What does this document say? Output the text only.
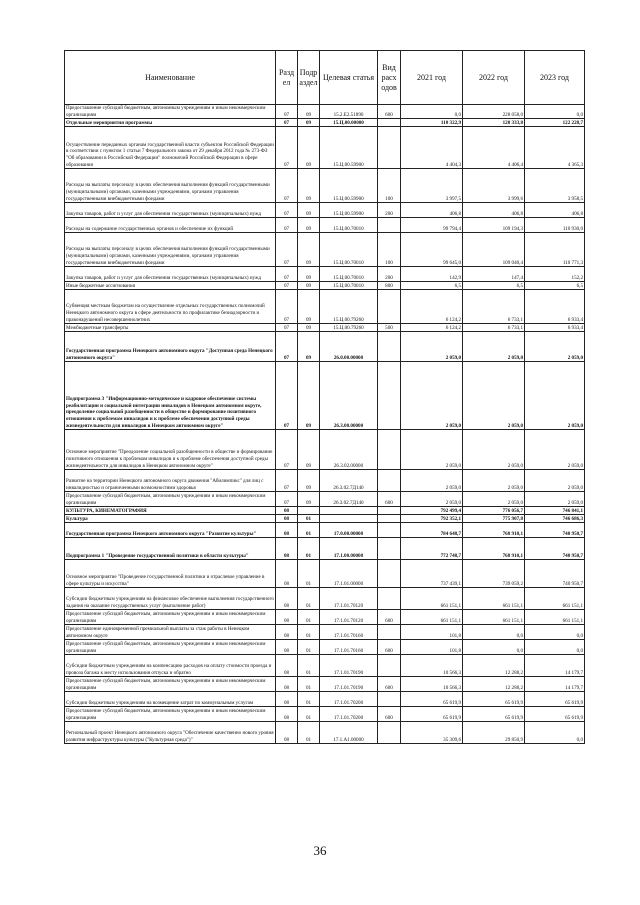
Наименование	Разд ел	Подр аздел	Целевая статья	Вид расх одов	2021 год	2022 год	2023 год
Предоставление субсидий бюджетным, автономным учреждениям и иным некоммерческим организациям	07	09	15.2.Е2.51890	600	0,0	228 058,0	0,0
Отдельные мероприятия программы	07	09	15.Ц.00.00000		110 322,9	120 333,8	122 228,7
Осуществление переданных органам государственной власти субъектов Российской Федерации в соответствии с пунктом 1 статьи 7 Федерального закона от 29 декабря 2012 года № 273-ФЗ "Об образовании в Российской Федерации" полномочий Российской Федерации в сфере образования	07	09	15.Ц.00.59900		4 404,3	4 406,4	4 365,3
Расходы на выплаты персоналу в целях обеспечения выполнения функций государственными (муниципальными) органами, казенными учреждениями, органами управления государственными внебюджетными фондами	07	09	15.Ц.00.59900	100	3 997,5	3 999,6	3 958,5
Закупка товаров, работ и услуг для обеспечения государственных (муниципальных) нужд	07	09	15.Ц.00.59900	200	406,8	406,8	406,8
Расходы на содержание государственных органов и обеспечение их функций	07	09	15.Ц.00.70010		99 794,4	109 194,3	110 930,0
Расходы на выплаты персоналу в целях обеспечения выполнения функций государственными (муниципальными) органами, казенными учреждениями, органами управления государственными внебюджетными фондами	07	09	15.Ц.00.70010	100	99 645,0	109 040,4	110 771,3
Закупка товаров, работ и услуг для обеспечения государственных (муниципальных) нужд	07	09	15.Ц.00.70010	200	142,9	147,4	152,2
Иные бюджетные ассигнования	07	09	15.Ц.00.70010	800	6,5	6,5	6,5
Субвенция местным бюджетам на осуществление отдельных государственных полномочий Ненецкого автономного округа в сфере деятельности по профилактике безнадзорности и правонарушений несовершеннолетних	07	09	15.Ц.00.79260		6 124,2	6 733,1	6 933,4
Межбюджетные трансферты	07	09	15.Ц.00.79260	500	6 124,2	6 733,1	6 933,4
Государственная программа Ненецкого автономного округа "Доступная среда Ненецкого автономного округа"	07	09	26.0.00.00000		2 059,0	2 059,0	2 059,0
Подпрограмма 3 "Информационно-методическое и кадровое обеспечение системы реабилитации и социальной интеграции инвалидов в Ненецком автономном округе, преодоление социальной разобщенности в обществе и формирование позитивного отношения к проблемам инвалидов и к проблеме обеспечения доступной среды жизнедеятельности для инвалидов в Ненецком автономном округе"	07	09	26.3.00.00000		2 059,0	2 059,0	2 059,0
Основное мероприятие "Преодоление социальной разобщенности в обществе и формирование позитивного отношения к проблемам инвалидов и к проблеме обеспечения доступной среды жизнедеятельности для инвалидов в Ненецком автономном округе"	07	09	26.3.02.00000		2 059,0	2 059,0	2 059,0
Развитие на территории Ненецкого автономного округа движения "Абилимпикс" для лиц с инвалидностью и ограниченными возможностями здоровья	07	09	26.3.02.7Д140		2 059,0	2 059,0	2 059,0
Предоставление субсидий бюджетным, автономным учреждениям и иным некоммерческим организациям	07	09	26.3.02.7Д140	600	2 059,0	2 059,0	2 059,0
КУЛЬТУРА, КИНЕМАТОГРАФИЯ	08				792 499,4	776 056,7	746 841,1
Культура	08	01			792 352,1	775 907,8	746 686,3
Государственная программа Ненецкого автономного округа "Развитие культуры"	08	01	17.0.00.00000		784 648,7	768 910,1	740 950,7
Подпрограмма 1 "Проведение государственной политики в области культуры"	08	01	17.1.00.00000		772 748,7	768 910,1	740 950,7
Основное мероприятие "Проведение государственной политики и отраслевое управление в сфере культуры и искусства"	08	01	17.1.01.00000		737 439,1	739 059,2	740 950,7
Субсидии бюджетным учреждениям на финансовое обеспечение выполнения государственного задания на оказание государственных услуг (выполнение работ)	08	01	17.1.01.70120		661 151,1	661 151,1	661 151,1
Предоставление субсидий бюджетным, автономным учреждениям и иным некоммерческим организациям	08	01	17.1.01.70120	600	661 151,1	661 151,1	661 151,1
Предоставление единовременной премиальной выплаты за стаж работы в Ненецком автономном округе	08	01	17.1.01.70160		101,8	0,0	0,0
Предоставление субсидий бюджетным, автономным учреждениям и иным некоммерческим организациям	08	01	17.1.01.70160	600	101,8	0,0	0,0
Субсидии бюджетным учреждениям на компенсацию расходов на оплату стоимости проезда и провоза багажа к месту использования отпуска и обратно	08	01	17.1.01.70190		10 566,3	12 288,2	14 179,7
Предоставление субсидий бюджетным, автономным учреждениям и иным некоммерческим организациям	08	01	17.1.01.70190	600	10 566,3	12 288,2	14 179,7
Субсидии бюджетным учреждениям на возмещение затрат по коммунальным услугам	08	01	17.1.01.70200		65 619,9	65 619,9	65 619,9
Предоставление субсидий бюджетным, автономным учреждениям и иным некоммерческим организациям	08	01	17.1.01.70200	600	65 619,9	65 619,9	65 619,9
Региональный проект Ненецкого автономного округа "Обеспечение качественно нового уровня развития инфраструктуры культуры ("Культурная среда")"	08	01	17.1.А1.00000		35 309,6	29 850,9	0,0
36
